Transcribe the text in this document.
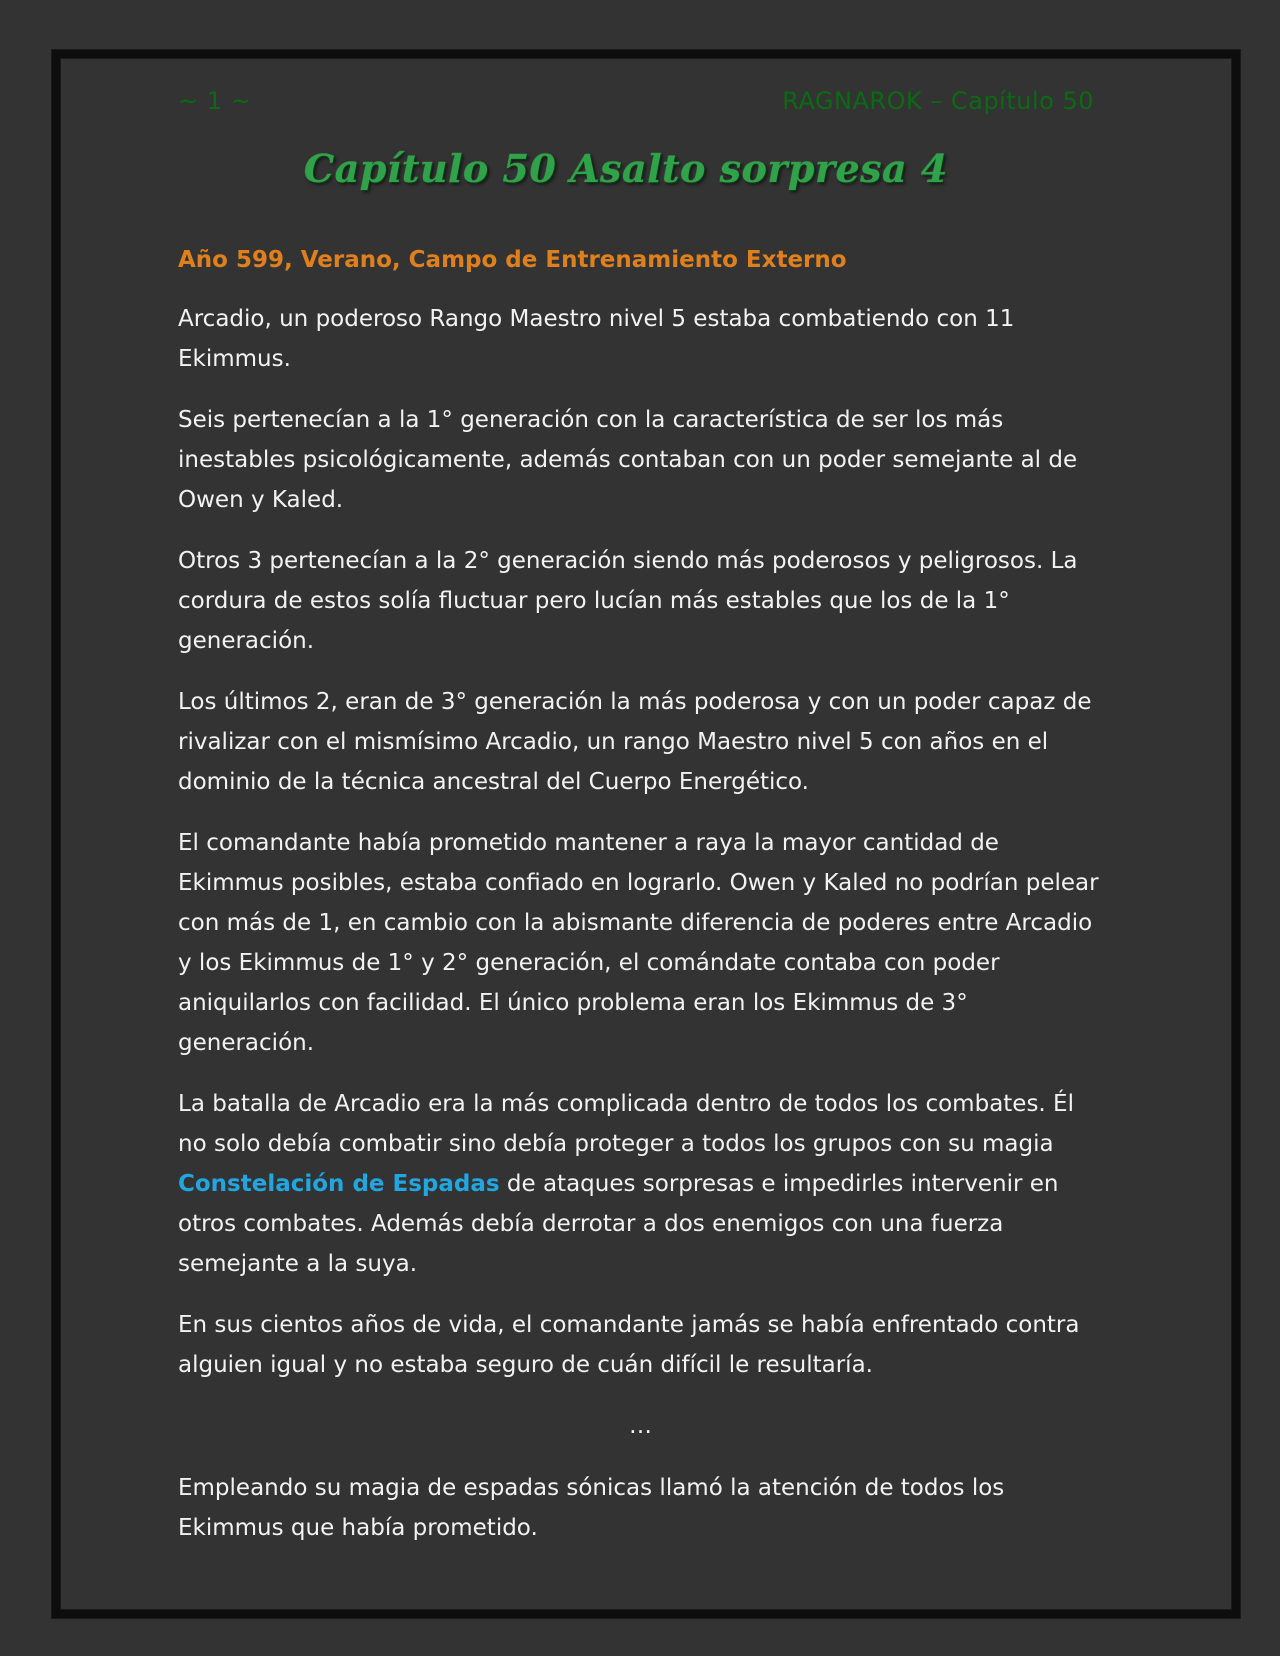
~ 1 ~	RAGNAROK – Capítulo 50
Capítulo 50 Asalto sorpresa 4

Año 599, Verano, Campo de Entrenamiento Externo

Arcadio, un poderoso Rango Maestro nivel 5 estaba combatiendo con 11 Ekimmus.

Seis pertenecían a la 1° generación con la característica de ser los más inestables psicológicamente, además contaban con un poder semejante al de Owen y Kaled.

Otros 3 pertenecían a la 2° generación siendo más poderosos y peligrosos. La cordura de estos solía fluctuar pero lucían más estables que los de la 1° generación.

Los últimos 2, eran de 3° generación la más poderosa y con un poder capaz de rivalizar con el mismísimo Arcadio, un rango Maestro nivel 5 con años en el dominio de la técnica ancestral del Cuerpo Energético.

El comandante había prometido mantener a raya la mayor cantidad de Ekimmus posibles, estaba confiado en lograrlo. Owen y Kaled no podrían pelear con más de 1, en cambio con la abismante diferencia de poderes entre Arcadio y los Ekimmus de 1° y 2° generación, el comándate contaba con poder aniquilarlos con facilidad. El único problema eran los Ekimmus de 3° generación.

La batalla de Arcadio era la más complicada dentro de todos los combates. Él no solo debía combatir sino debía proteger a todos los grupos con su magia Constelación de Espadas de ataques sorpresas e impedirles intervenir en otros combates. Además debía derrotar a dos enemigos con una fuerza semejante a la suya.

En sus cientos años de vida, el comandante jamás se había enfrentado contra alguien igual y no estaba seguro de cuán difícil le resultaría.

…

Empleando su magia de espadas sónicas llamó la atención de todos los Ekimmus que había prometido.
